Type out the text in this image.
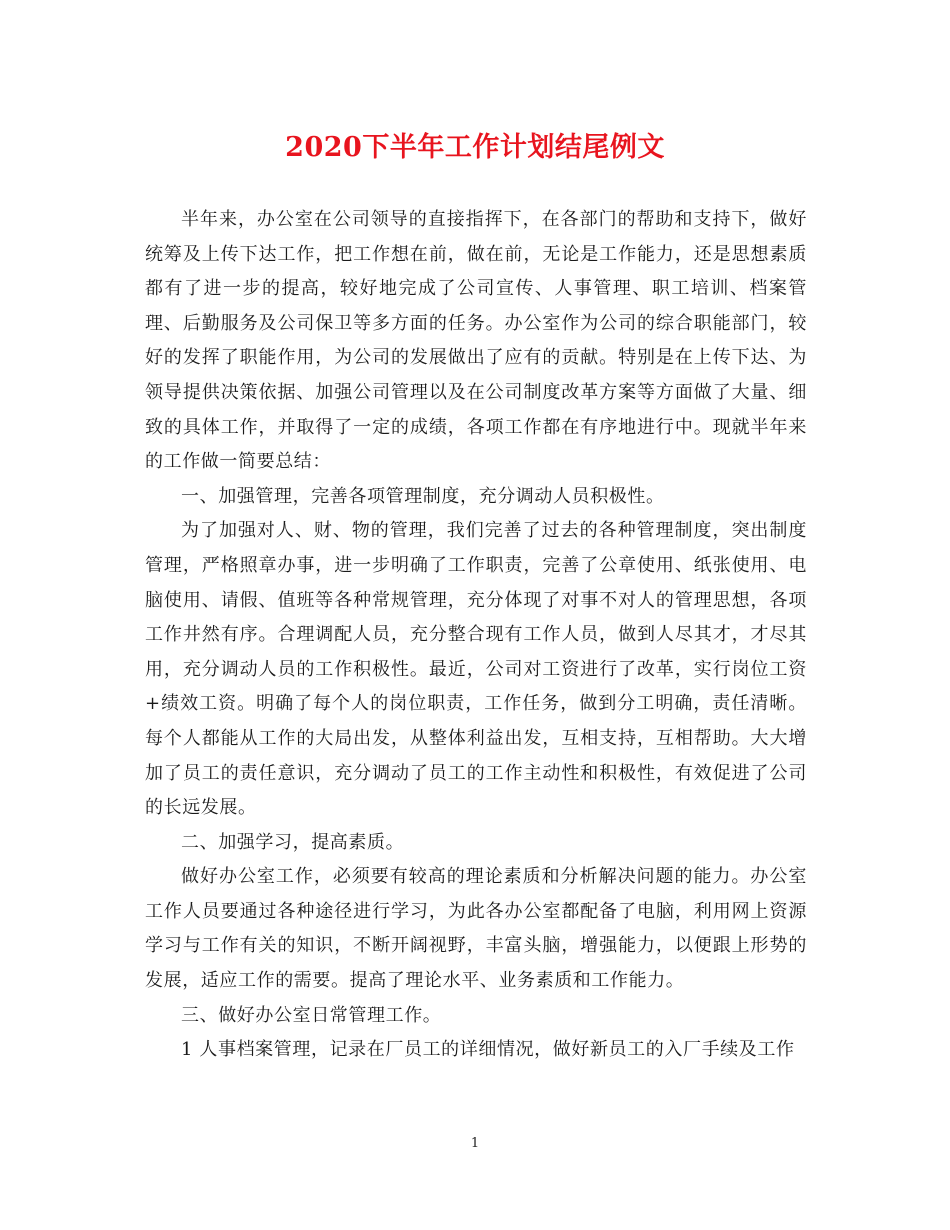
2020下半年工作计划结尾例文

半年来，办公室在公司领导的直接指挥下，在各部门的帮助和支持下，做好统筹及上传下达工作，把工作想在前，做在前，无论是工作能力，还是思想素质都有了进一步的提高，较好地完成了公司宣传、人事管理、职工培训、档案管理、后勤服务及公司保卫等多方面的任务。办公室作为公司的综合职能部门，较好的发挥了职能作用，为公司的发展做出了应有的贡献。特别是在上传下达、为领导提供决策依据、加强公司管理以及在公司制度改革方案等方面做了大量、细致的具体工作，并取得了一定的成绩，各项工作都在有序地进行中。现就半年来的工作做一简要总结：

一、加强管理，完善各项管理制度，充分调动人员积极性。

为了加强对人、财、物的管理，我们完善了过去的各种管理制度，突出制度管理，严格照章办事，进一步明确了工作职责，完善了公章使用、纸张使用、电脑使用、请假、值班等各种常规管理，充分体现了对事不对人的管理思想，各项工作井然有序。合理调配人员，充分整合现有工作人员，做到人尽其才，才尽其用，充分调动人员的工作积极性。最近，公司对工资进行了改革，实行岗位工资+绩效工资。明确了每个人的岗位职责，工作任务，做到分工明确，责任清晰。每个人都能从工作的大局出发，从整体利益出发，互相支持，互相帮助。大大增加了员工的责任意识，充分调动了员工的工作主动性和积极性，有效促进了公司的长远发展。

二、加强学习，提高素质。

做好办公室工作，必须要有较高的理论素质和分析解决问题的能力。办公室工作人员要通过各种途径进行学习，为此各办公室都配备了电脑，利用网上资源学习与工作有关的知识，不断开阔视野，丰富头脑，增强能力，以便跟上形势的发展，适应工作的需要。提高了理论水平、业务素质和工作能力。

三、做好办公室日常管理工作。

1 人事档案管理，记录在厂员工的详细情况，做好新员工的入厂手续及工作

1
